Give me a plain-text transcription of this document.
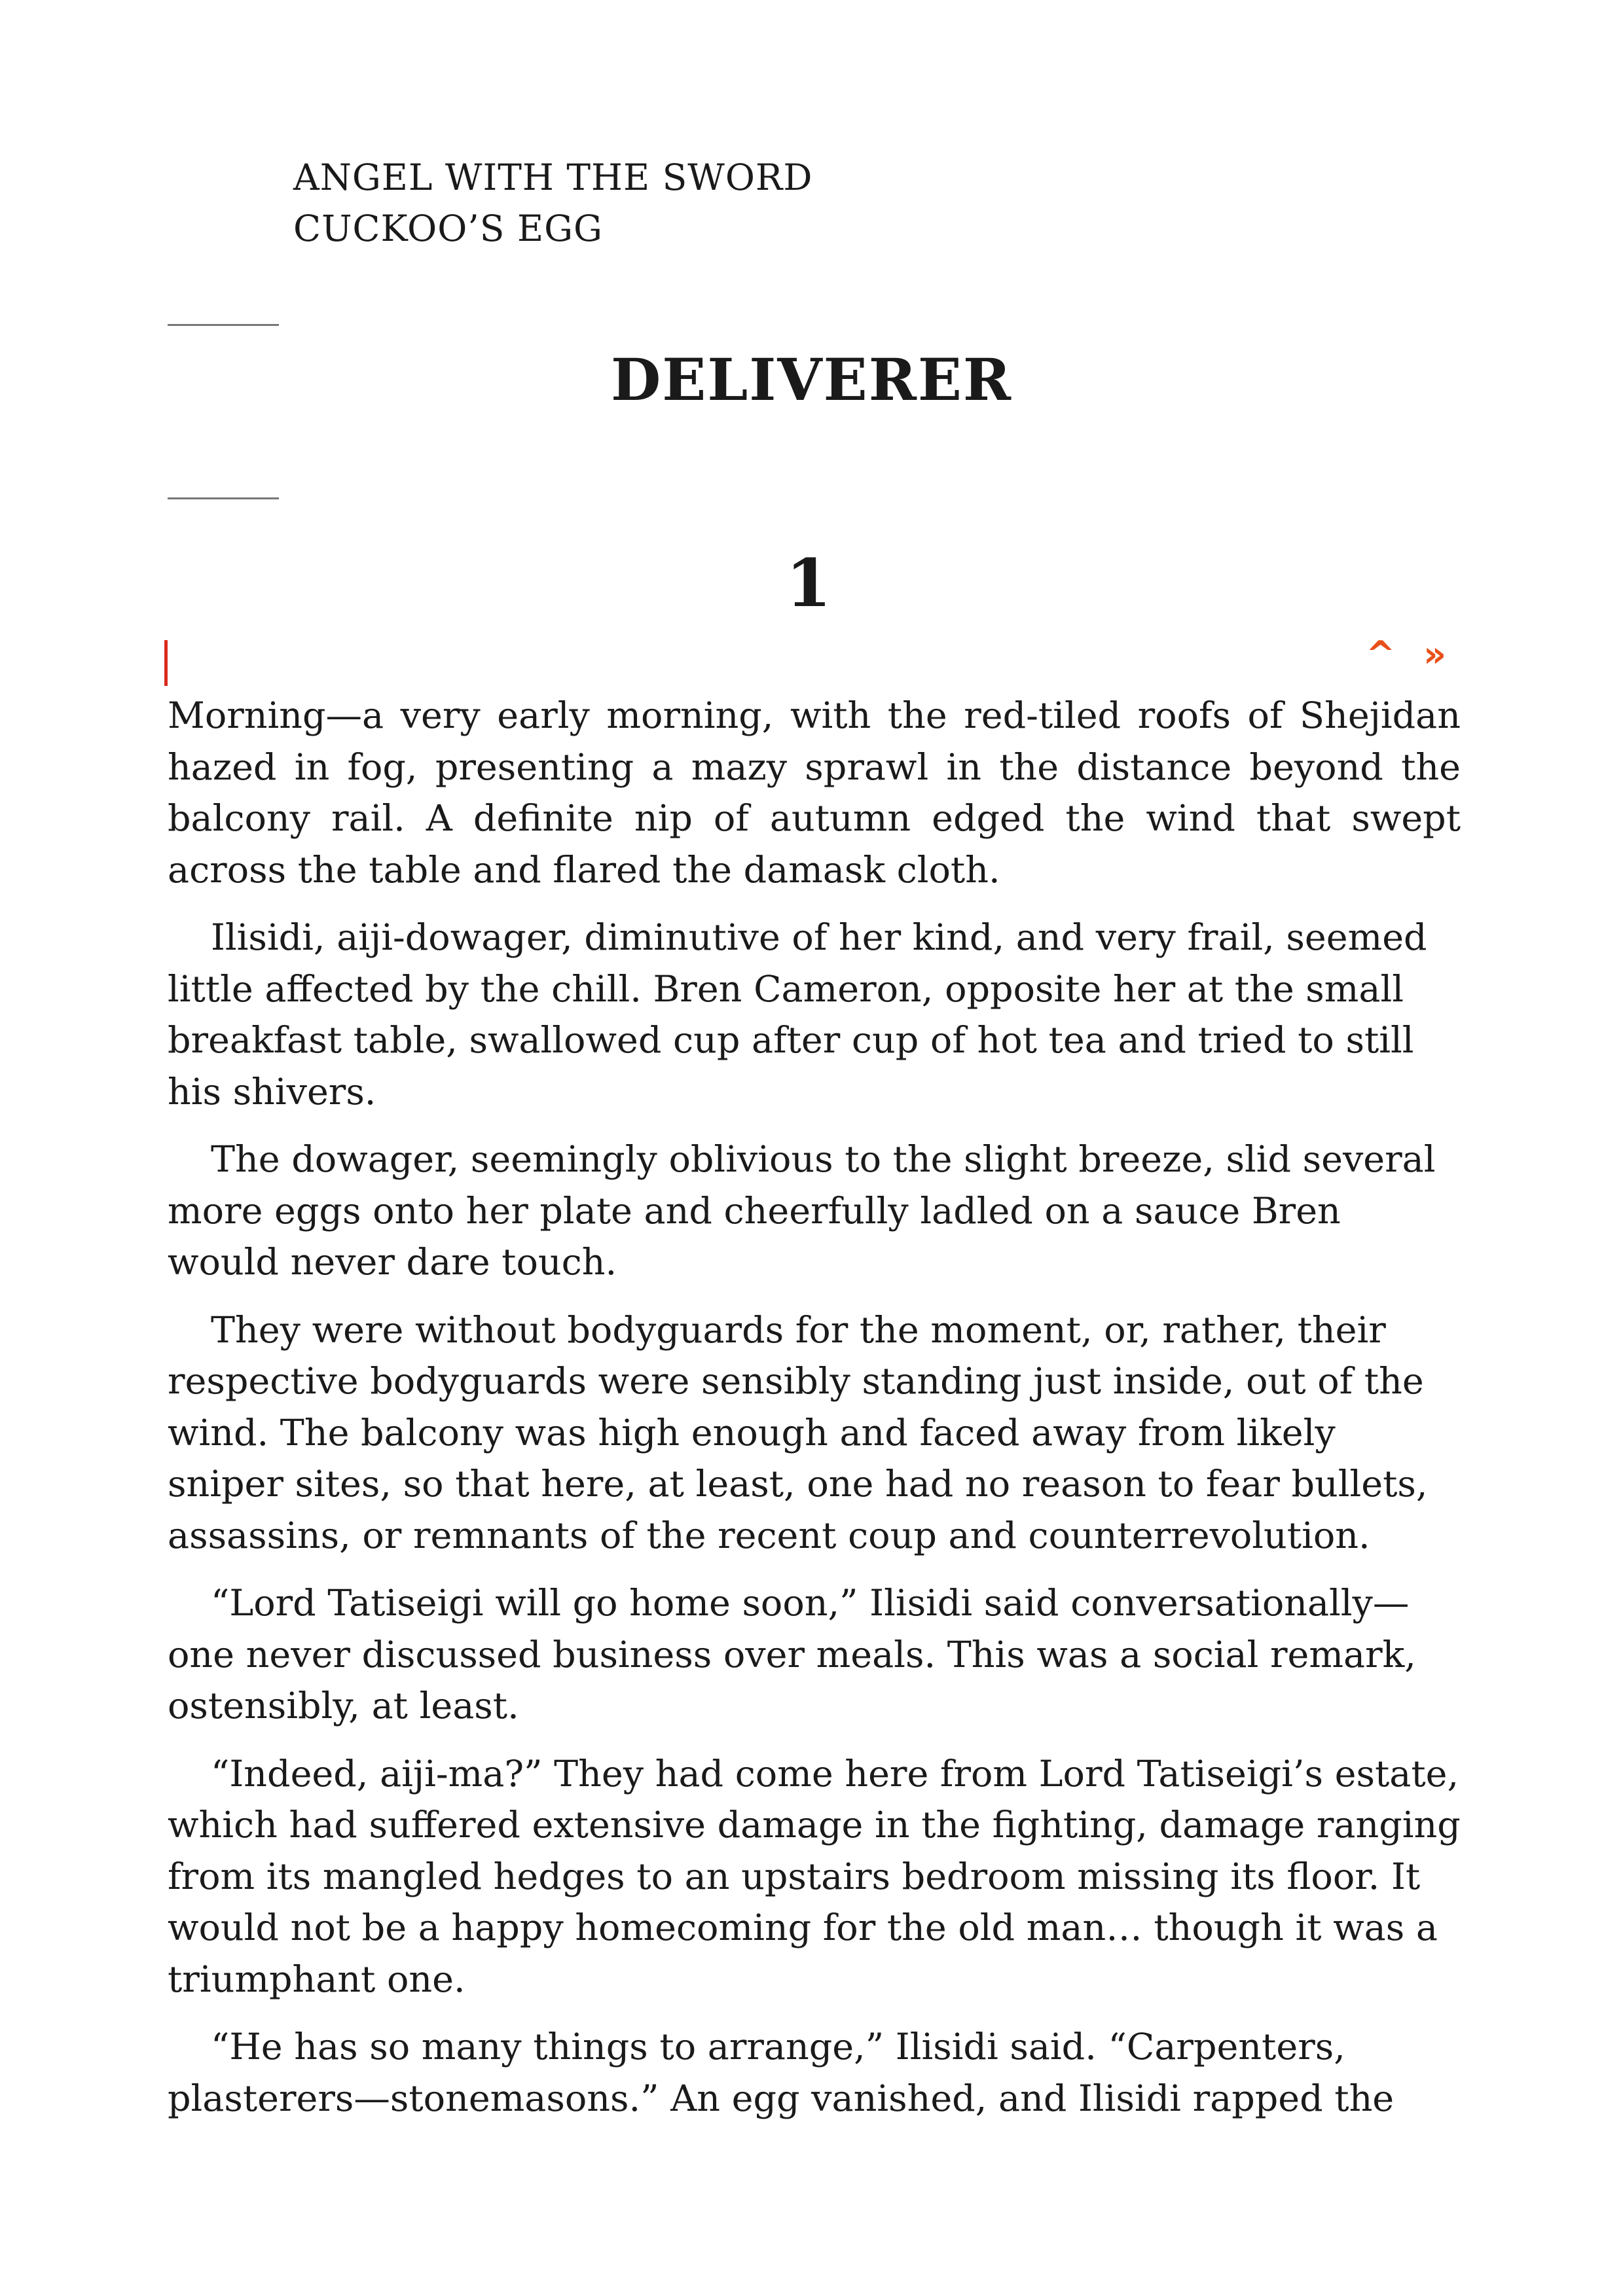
ANGEL WITH THE SWORD
CUCKOO’S EGG
DELIVERER
1
^ »

Morning—a very early morning, with the red-tiled roofs of Shejidan hazed in fog, presenting a mazy sprawl in the distance beyond the balcony rail. A definite nip of autumn edged the wind that swept across the table and flared the damask cloth.

Ilisidi, aiji-dowager, diminutive of her kind, and very frail, seemed little affected by the chill. Bren Cameron, opposite her at the small breakfast table, swallowed cup after cup of hot tea and tried to still his shivers.

The dowager, seemingly oblivious to the slight breeze, slid several more eggs onto her plate and cheerfully ladled on a sauce Bren would never dare touch.

They were without bodyguards for the moment, or, rather, their respective bodyguards were sensibly standing just inside, out of the wind. The balcony was high enough and faced away from likely sniper sites, so that here, at least, one had no reason to fear bullets, assassins, or remnants of the recent coup and counterrevolution.

“Lord Tatiseigi will go home soon,” Ilisidi said conversationally—one never discussed business over meals. This was a social remark, ostensibly, at least.

“Indeed, aiji-ma?” They had come here from Lord Tatiseigi’s estate, which had suffered extensive damage in the fighting, damage ranging from its mangled hedges to an upstairs bedroom missing its floor. It would not be a happy homecoming for the old man… though it was a triumphant one.

“He has so many things to arrange,” Ilisidi said. “Carpenters, plasterers—stonemasons.” An egg vanished, and Ilisidi rapped the
